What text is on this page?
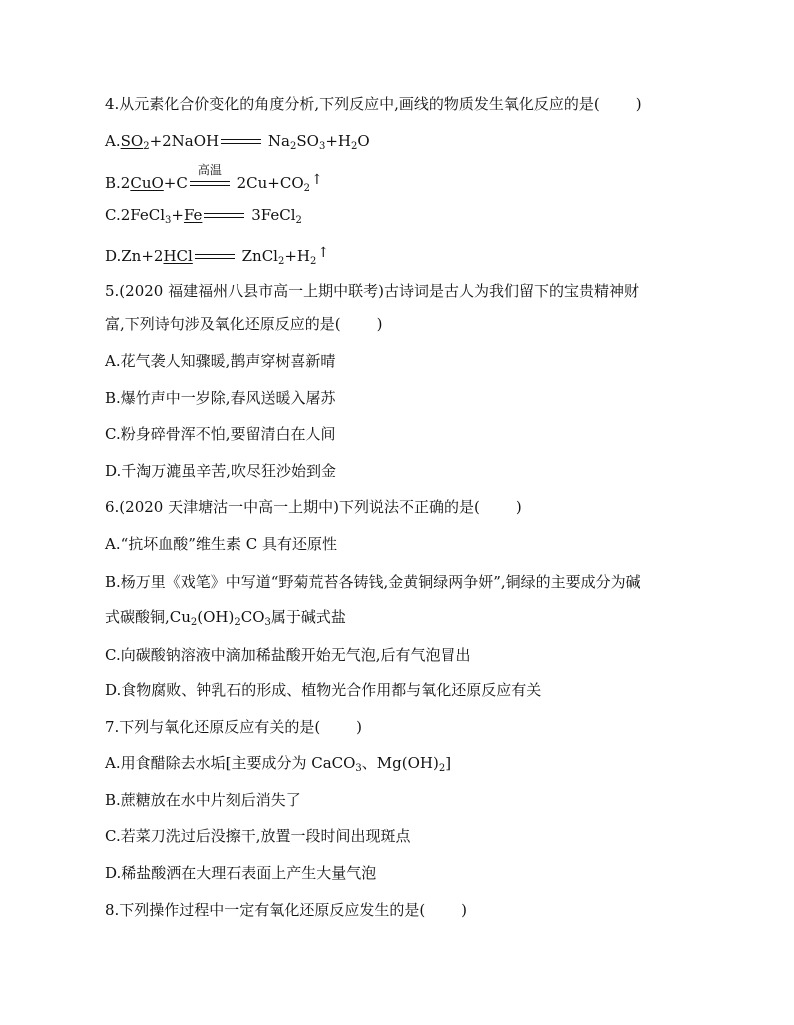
4.从元素化合价变化的角度分析,下列反应中,画线的物质发生氧化反应的是( )
$A.SO_2+2NaOH$	$Na_2SO_3+H_2O$
B.2CuO+C
高温
$2Cu+CO_2↑$
C.2FeCl$_3$+Fe	3FeCl$_2$
D.Zn+2HCl	$ZnCl_2+H_2↑$
5.(2020 福建福州八县市高一上期中联考)古诗词是古人为我们留下的宝贵精神财
富,下列诗句涉及氧化还原反应的是( )
A.花气袭人知骤暖,鹊声穿树喜新晴
B.爆竹声中一岁除,春风送暖入屠苏
C.粉身碎骨浑不怕,要留清白在人间
D.千淘万漉虽辛苦,吹尽狂沙始到金
6.(2020 天津塘沽一中高一上期中)下列说法不正确的是( )
A.“抗坏血酸”维生素 C 具有还原性
B.杨万里《戏笔》中写道“野菊荒苔各铸钱,金黄铜绿两争妍”,铜绿的主要成分为碱
式碳酸铜$,Cu_2(OH)_2CO_3$属于碱式盐
C.向碳酸钠溶液中滴加稀盐酸开始无气泡,后有气泡冒出
D.食物腐败、钟乳石的形成、植物光合作用都与氧化还原反应有关
7.下列与氧化还原反应有关的是( )
A.用食醋除去水垢[主要成分为 CaCO$_3$、$Mg(OH)_2$]
B.蔗糖放在水中片刻后消失了
C.若菜刀洗过后没擦干,放置一段时间出现斑点
D.稀盐酸洒在大理石表面上产生大量气泡
8.下列操作过程中一定有氧化还原反应发生的是( )
